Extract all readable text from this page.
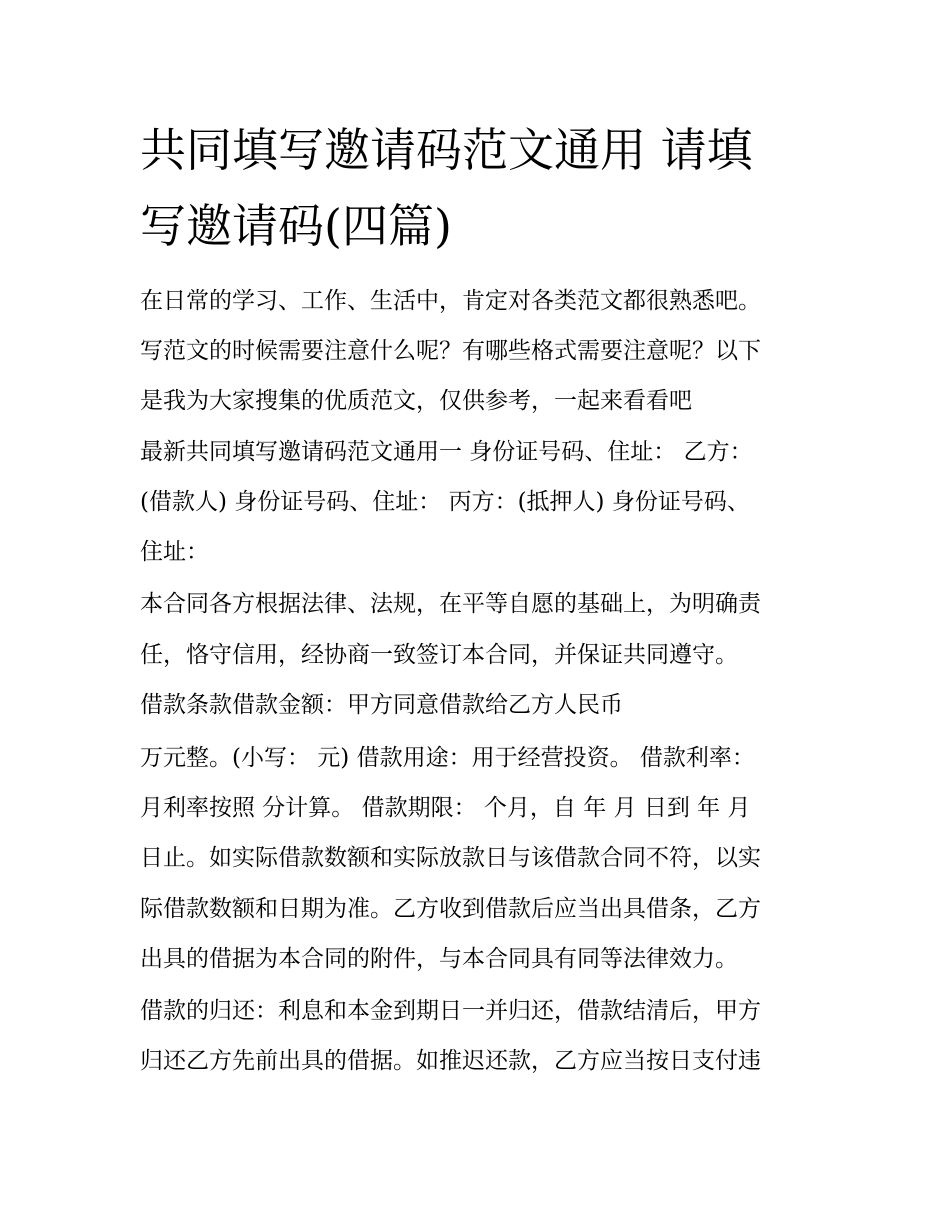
共同填写邀请码范文通用 请填
写邀请码(四篇)

在日常的学习、工作、生活中，肯定对各类范文都很熟悉吧。

写范文的时候需要注意什么呢？有哪些格式需要注意呢？以下

是我为大家搜集的优质范文，仅供参考，一起来看看吧

最新共同填写邀请码范文通用一 身份证号码、住址： 乙方：

(借款人) 身份证号码、住址： 丙方：(抵押人) 身份证号码、

住址：

本合同各方根据法律、法规，在平等自愿的基础上，为明确责

任，恪守信用，经协商一致签订本合同，并保证共同遵守。

借款条款借款金额：甲方同意借款给乙方人民币

万元整。(小写： 元) 借款用途：用于经营投资。 借款利率：

月利率按照 分计算。 借款期限： 个月，自 年 月 日到 年 月

日止。如实际借款数额和实际放款日与该借款合同不符，以实

际借款数额和日期为准。乙方收到借款后应当出具借条，乙方

出具的借据为本合同的附件，与本合同具有同等法律效力。

借款的归还：利息和本金到期日一并归还，借款结清后，甲方

归还乙方先前出具的借据。如推迟还款，乙方应当按日支付违
